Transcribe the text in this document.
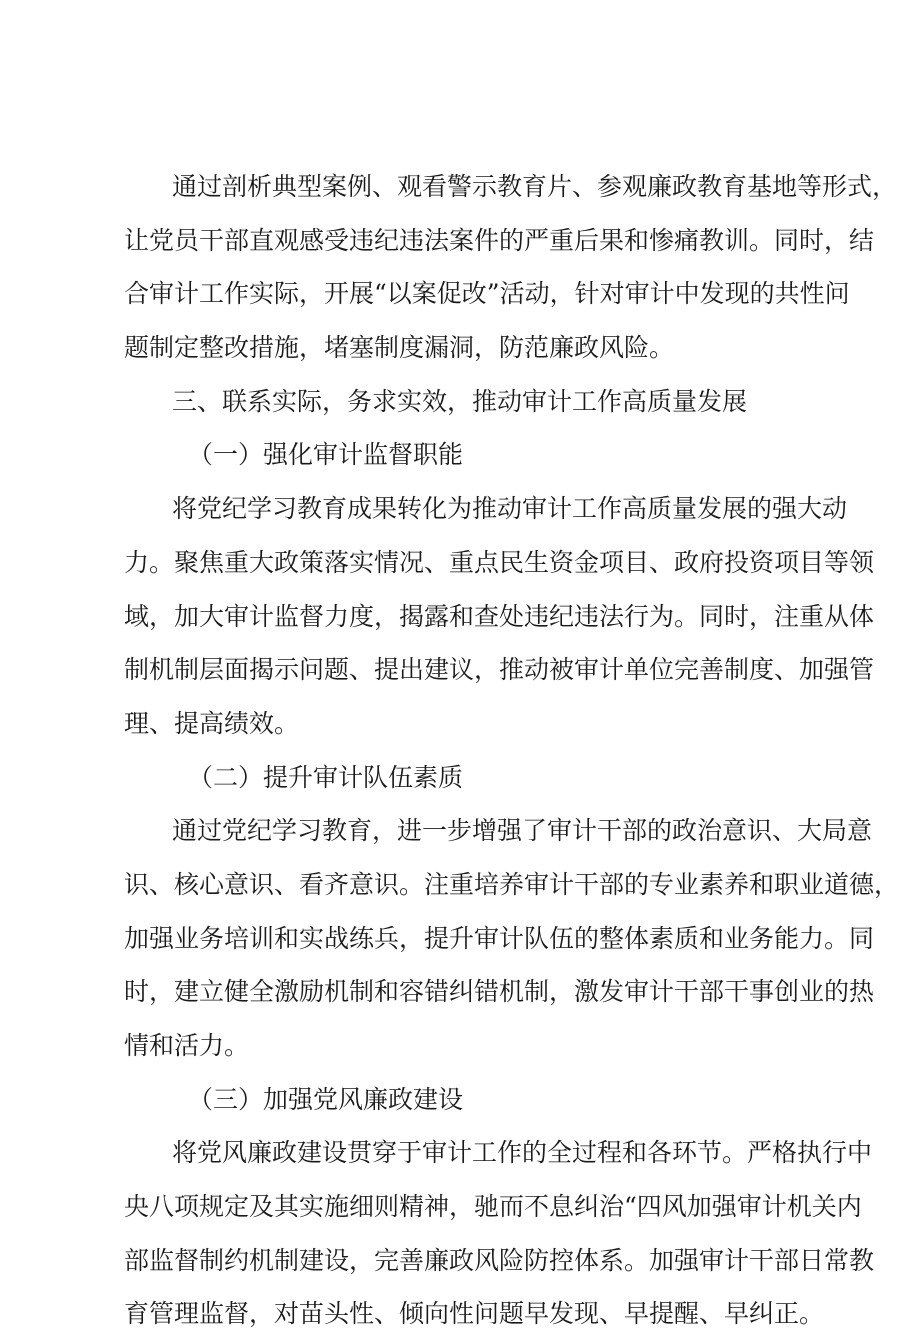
通过剖析典型案例、观看警示教育片、参观廉政教育基地等形式，
让党员干部直观感受违纪违法案件的严重后果和惨痛教训。同时，结
合审计工作实际，开展“以案促改”活动，针对审计中发现的共性问
题制定整改措施，堵塞制度漏洞，防范廉政风险。
三、联系实际，务求实效，推动审计工作高质量发展
（一）强化审计监督职能
将党纪学习教育成果转化为推动审计工作高质量发展的强大动
力。聚焦重大政策落实情况、重点民生资金项目、政府投资项目等领
域，加大审计监督力度，揭露和查处违纪违法行为。同时，注重从体
制机制层面揭示问题、提出建议，推动被审计单位完善制度、加强管
理、提高绩效。
（二）提升审计队伍素质
通过党纪学习教育，进一步增强了审计干部的政治意识、大局意
识、核心意识、看齐意识。注重培养审计干部的专业素养和职业道德，
加强业务培训和实战练兵，提升审计队伍的整体素质和业务能力。同
时，建立健全激励机制和容错纠错机制，激发审计干部干事创业的热
情和活力。
（三）加强党风廉政建设
将党风廉政建设贯穿于审计工作的全过程和各环节。严格执行中
央八项规定及其实施细则精神，驰而不息纠治“四风加强审计机关内
部监督制约机制建设，完善廉政风险防控体系。加强审计干部日常教
育管理监督，对苗头性、倾向性问题早发现、早提醒、早纠正。
